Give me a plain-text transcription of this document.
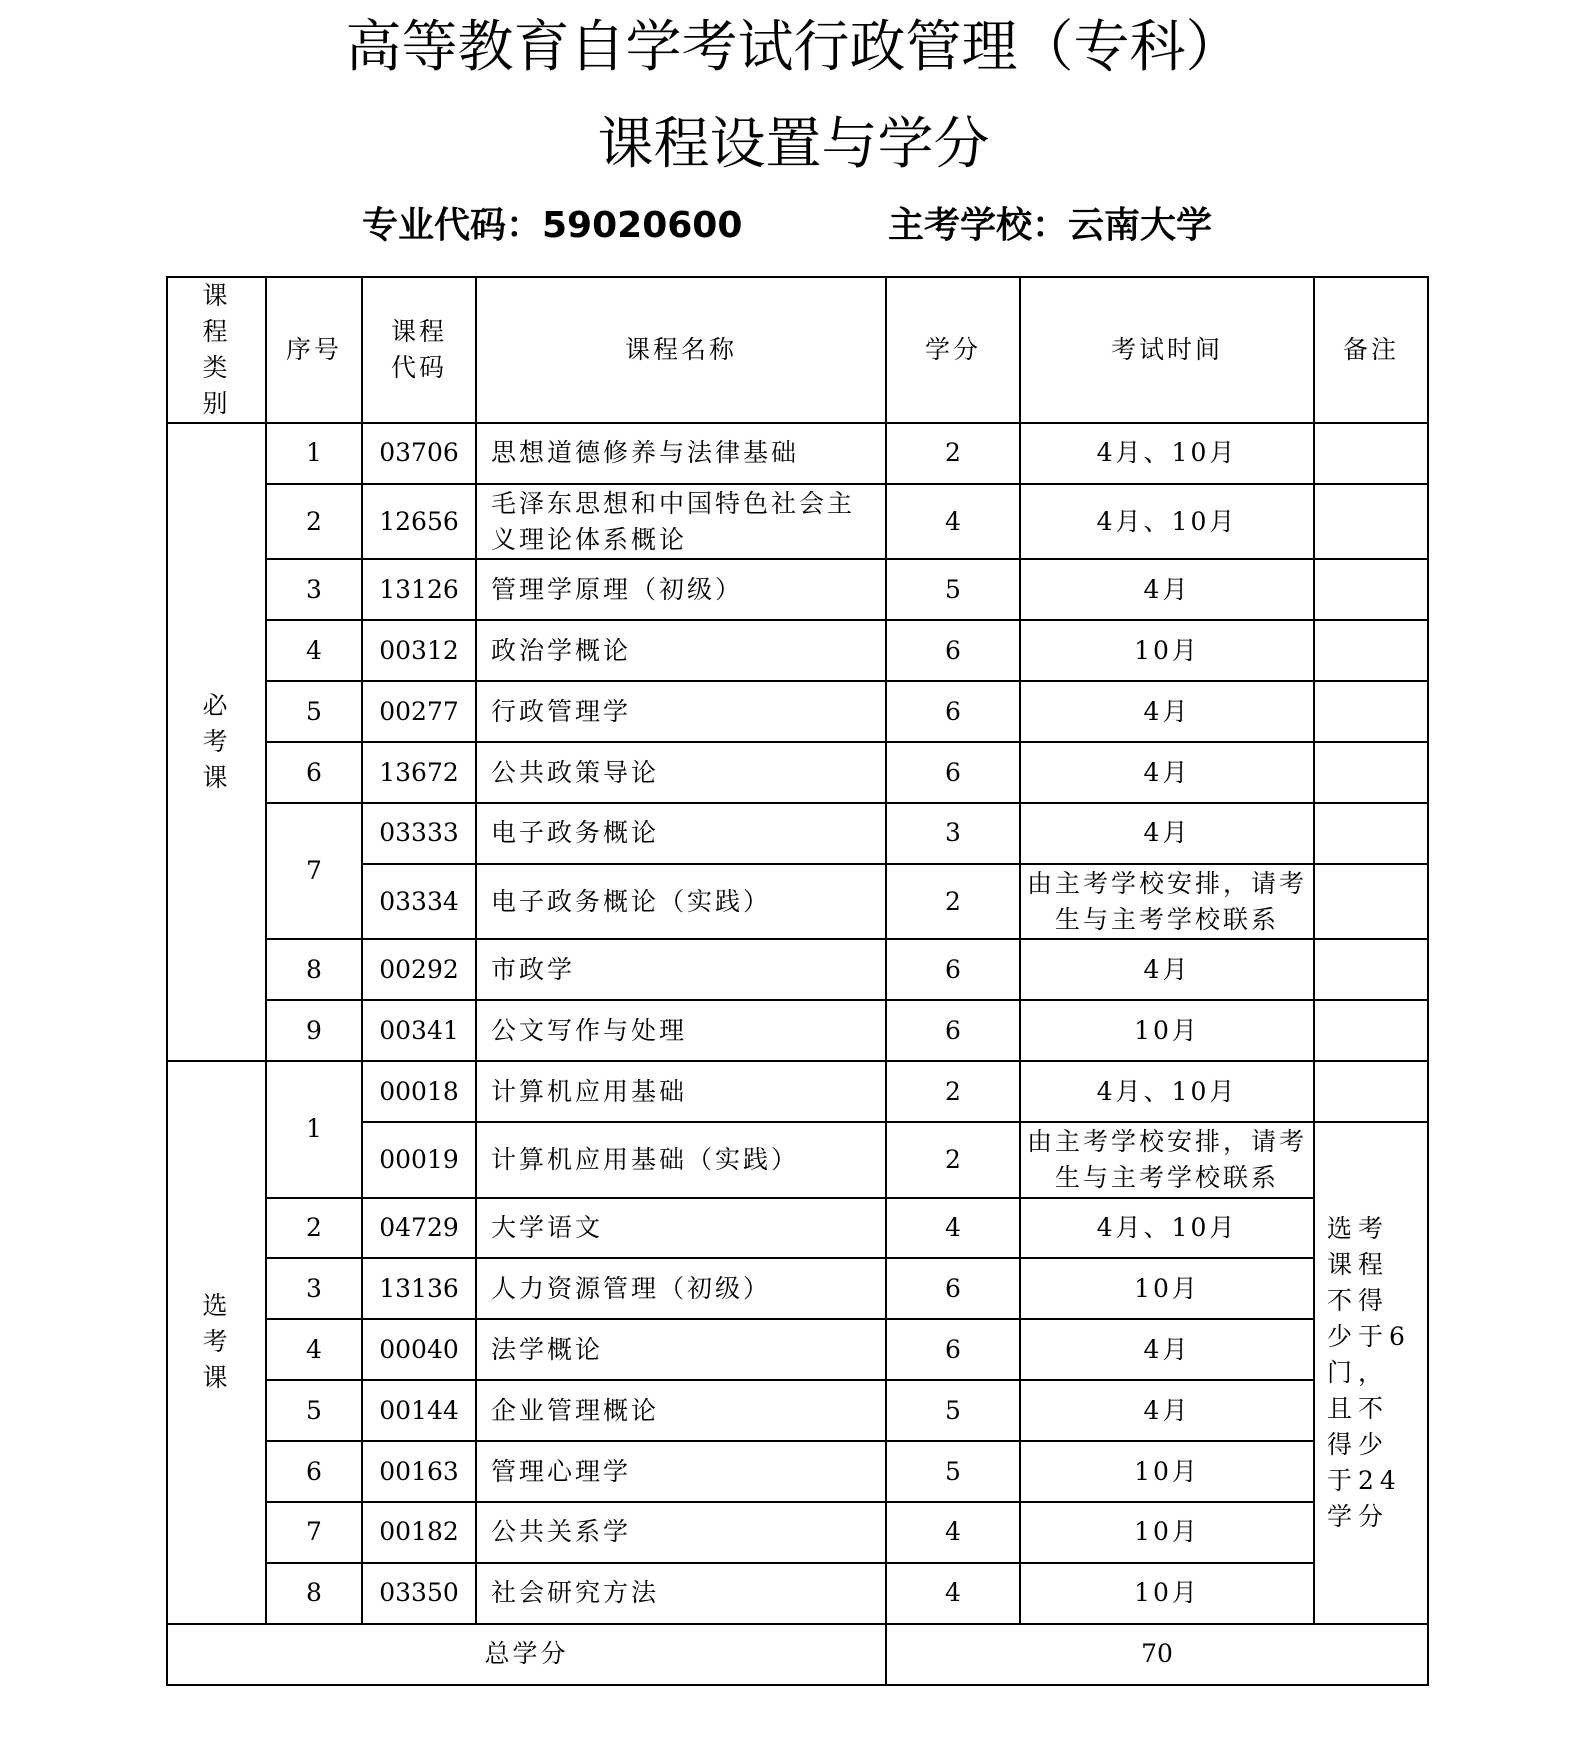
高等教育自学考试行政管理（专科）
课程设置与学分
专业代码：59020600	主考学校：云南大学
课程类别	序号	课程代码	课程名称	学分	考试时间	备注
必考课	1	03706	思想道德修养与法律基础	2	4月、10月	
	2	12656	毛泽东思想和中国特色社会主义理论体系概论	4	4月、10月	
	3	13126	管理学原理（初级）	5	4月	
	4	00312	政治学概论	6	10月	
	5	00277	行政管理学	6	4月	
	6	13672	公共政策导论	6	4月	
	7	03333	电子政务概论	3	4月	
		03334	电子政务概论（实践）	2	由主考学校安排，请考生与主考学校联系	
	8	00292	市政学	6	4月	
	9	00341	公文写作与处理	6	10月	
选考课	1	00018	计算机应用基础	2	4月、10月	
		00019	计算机应用基础（实践）	2	由主考学校安排，请考生与主考学校联系	选考课程不得少于6门，且不得少于24学分
	2	04729	大学语文	4	4月、10月	
	3	13136	人力资源管理（初级）	6	10月	
	4	00040	法学概论	6	4月	
	5	00144	企业管理概论	5	4月	
	6	00163	管理心理学	5	10月	
	7	00182	公共关系学	4	10月	
	8	03350	社会研究方法	4	10月	
总学分				70		
